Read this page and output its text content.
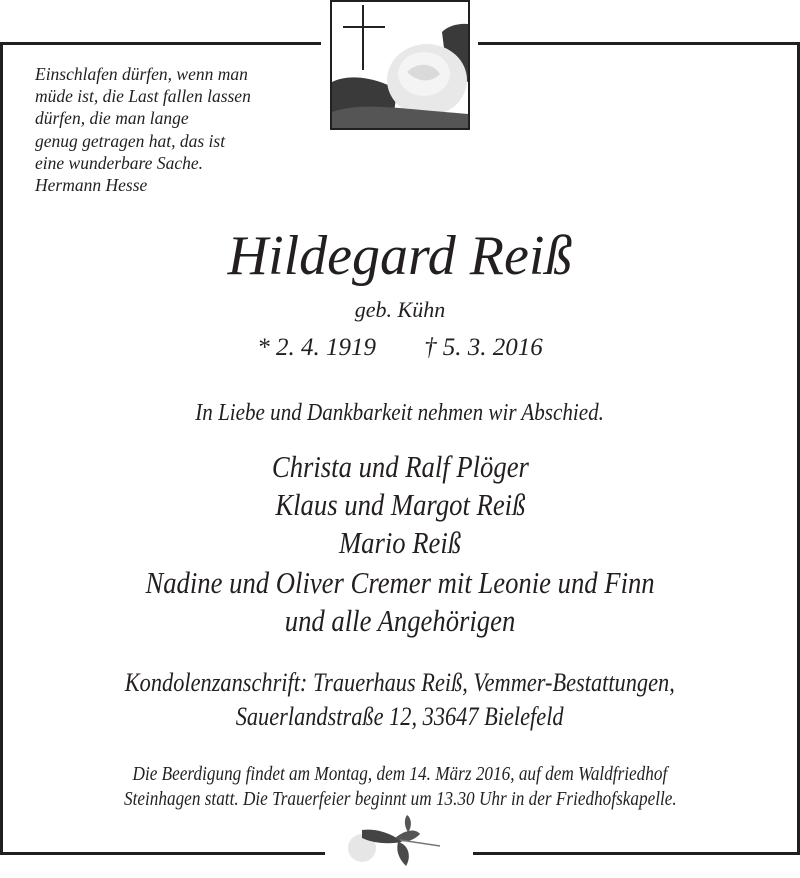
Einschlafen dürfen, wenn man
müde ist, die Last fallen lassen
dürfen, die man lange
genug getragen hat, das ist
eine wunderbare Sache.
Hermann Hesse
Hildegard Reiß
geb. Kühn
* 2. 4. 1919 † 5. 3. 2016
In Liebe und Dankbarkeit nehmen wir Abschied.
Christa und Ralf Plöger
Klaus und Margot Reiß
Mario Reiß
Nadine und Oliver Cremer mit Leonie und Finn
und alle Angehörigen
Kondolenzanschrift: Trauerhaus Reiß, Vemmer-Bestattungen,
Sauerlandstraße 12, 33647 Bielefeld
Die Beerdigung findet am Montag, dem 14. März 2016, auf dem Waldfriedhof
Steinhagen statt. Die Trauerfeier beginnt um 13.30 Uhr in der Friedhofskapelle.
